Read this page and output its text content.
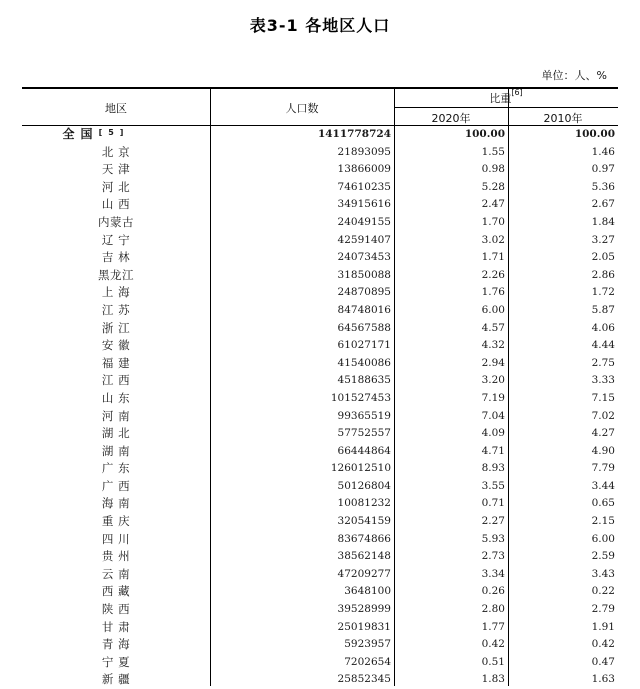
表3-1 各地区人口
单位：人、%
地区	人口数
比重[6]
2020年	2010年
全国[5]	1411778724	100.00	100.00
北 京	21893095	1.55	1.46
天 津	13866009	0.98	0.97
河 北	74610235	5.28	5.36
山 西	34915616	2.47	2.67
内蒙古	24049155	1.70	1.84
辽 宁	42591407	3.02	3.27
吉 林	24073453	1.71	2.05
黑龙江	31850088	2.26	2.86
上 海	24870895	1.76	1.72
江 苏	84748016	6.00	5.87
浙 江	64567588	4.57	4.06
安 徽	61027171	4.32	4.44
福 建	41540086	2.94	2.75
江 西	45188635	3.20	3.33
山 东	101527453	7.19	7.15
河 南	99365519	7.04	7.02
湖 北	57752557	4.09	4.27
湖 南	66444864	4.71	4.90
广 东	126012510	8.93	7.79
广 西	50126804	3.55	3.44
海 南	10081232	0.71	0.65
重 庆	32054159	2.27	2.15
四 川	83674866	5.93	6.00
贵 州	38562148	2.73	2.59
云 南	47209277	3.34	3.43
西 藏	3648100	0.26	0.22
陕 西	39528999	2.80	2.79
甘 肃	25019831	1.77	1.91
青 海	5923957	0.42	0.42
宁 夏	7202654	0.51	0.47
新 疆	25852345	1.83	1.63
